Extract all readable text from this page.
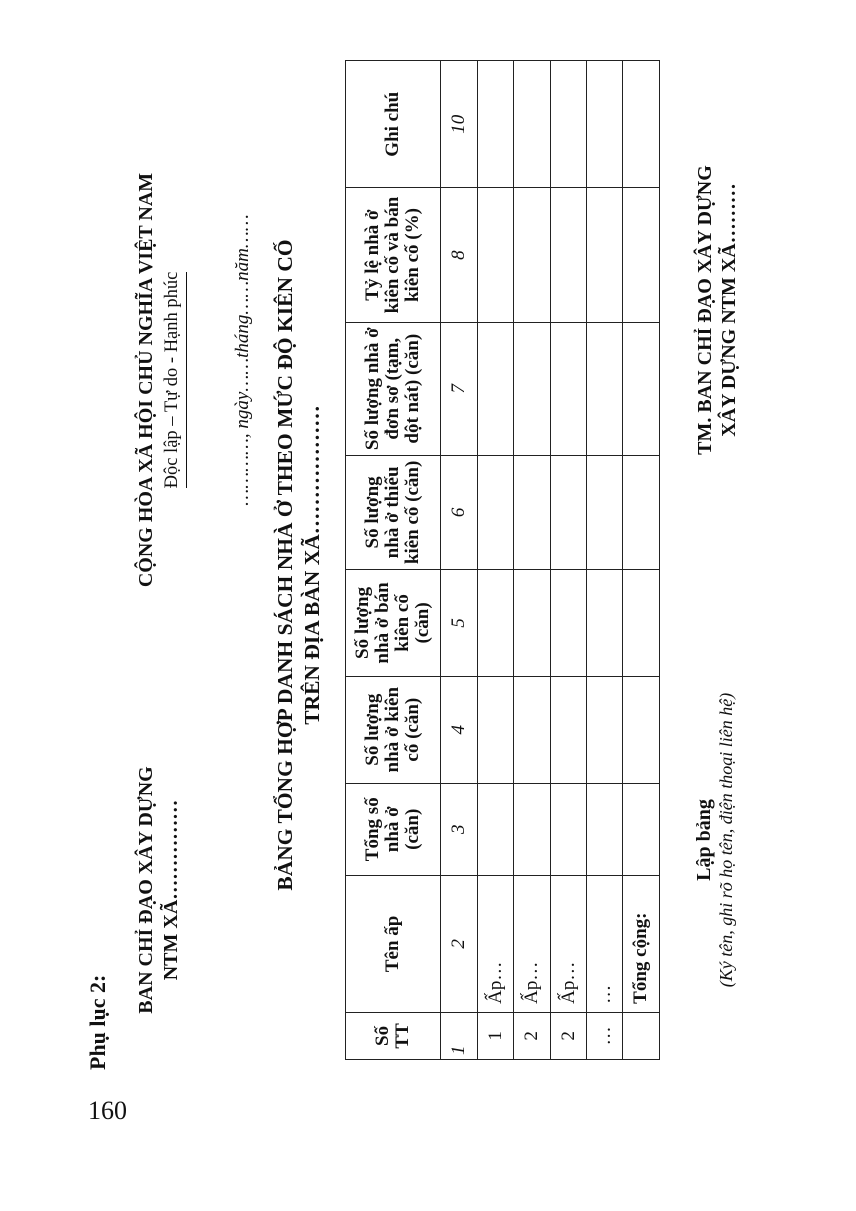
160
Phụ lục 2:
BAN CHỈ ĐẠO XÂY DỰNG NTM XÃ……………
CỘNG HÒA XÃ HỘI CHỦ NGHĨA VIỆT NAM Độc lập – Tự do - Hạnh phúc	…………, ngày……tháng……năm…… BẢNG TỔNG HỢP DANH SÁCH NHÀ Ở THEO MỨC ĐỘ KIÊN CỐ TRÊN ĐỊA BÀN XÃ………………
Số TT	Tên ấp	Tổng số nhà ở (căn)	Số lượng nhà ở kiên cố (căn)	Số lượng nhà ở bán kiên cố (căn)	Số lượng nhà ở thiếu kiên cố (căn)	Số lượng nhà ở đơn sơ (tạm, dột nát) (căn)	Tỷ lệ nhà ở kiên cố và bán kiên cố (%)	Ghi chú
1	2	3	4	5	6	7	8	10
1	Ấp…							
2	Ấp…							
2	Ấp…							
…	…							
	Tổng cộng:							
Lập bảng (Ký tên, ghi rõ họ tên, điện thoại liên hệ)
TM. BAN CHỈ ĐẠO XÂY DỰNG XÂY DỰNG NTM XÃ………
